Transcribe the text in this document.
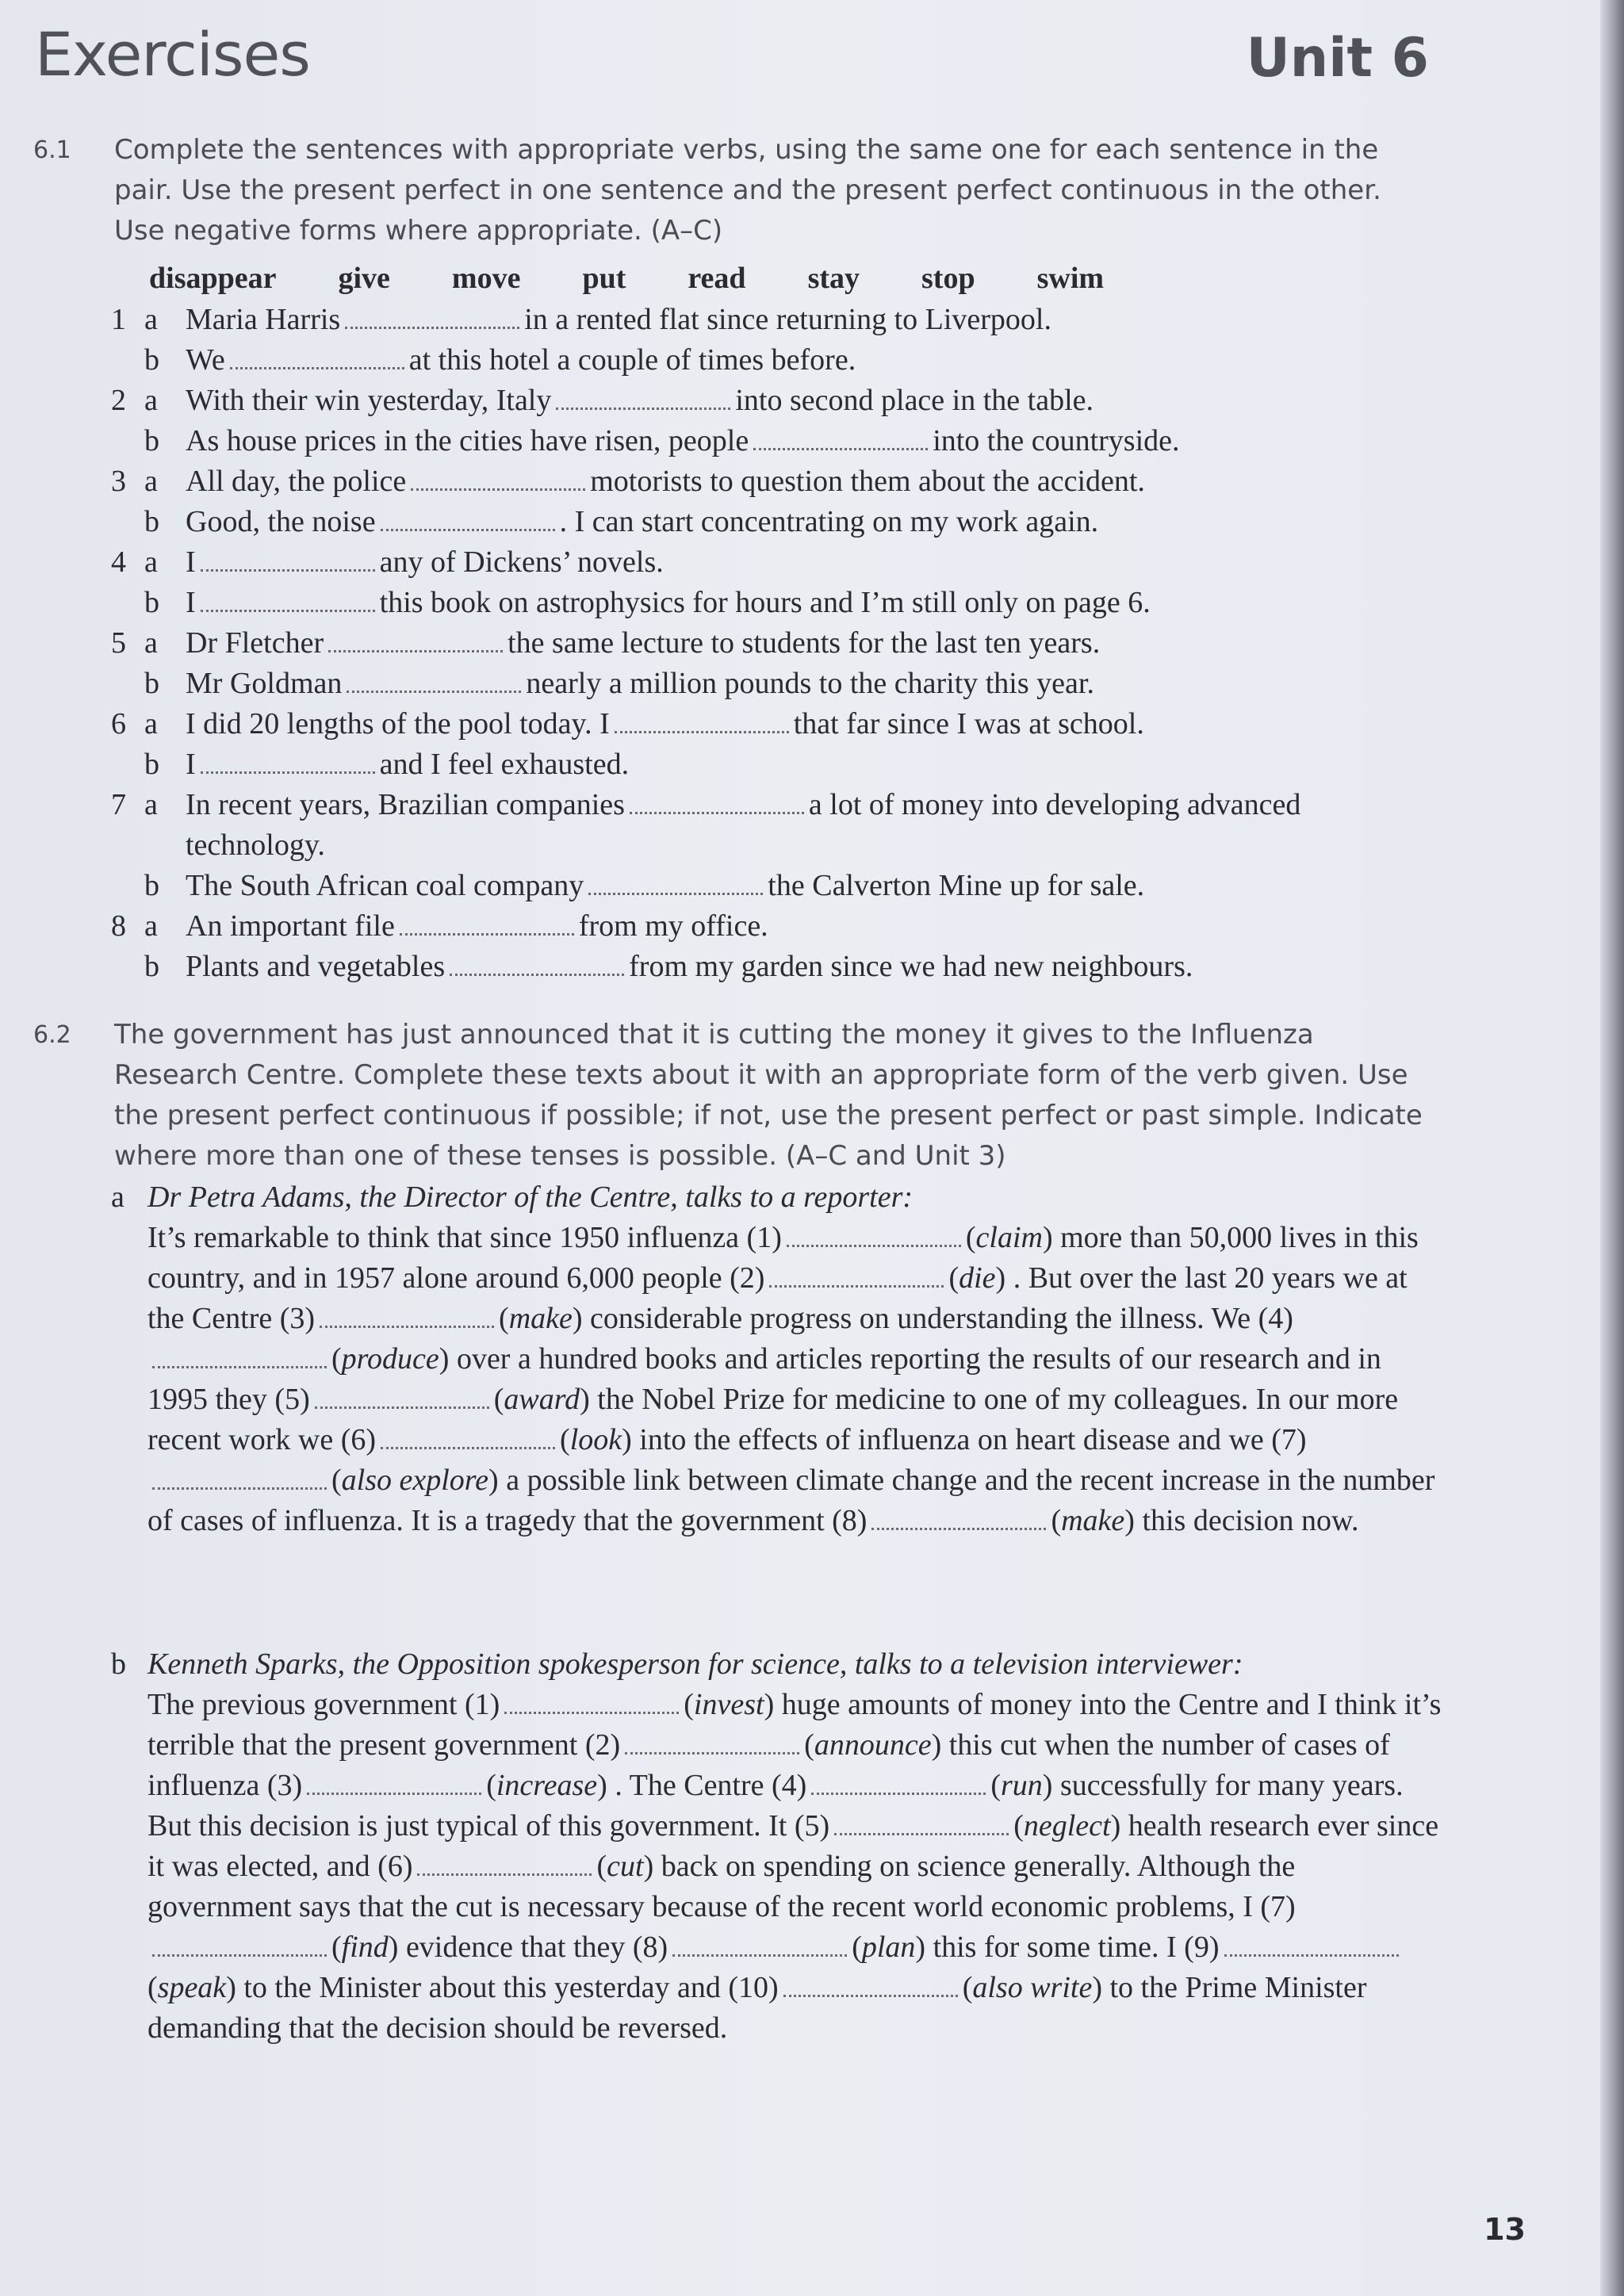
Exercises	Unit 6
6.1 Complete the sentences with appropriate verbs, using the same one for each sentence in the pair. Use the present perfect in one sentence and the present perfect continuous in the other. Use negative forms where appropriate. (A–C)
disappear give move put read stay stop swim
1 a Maria Harris	in a rented flat since returning to Liverpool.
b We	at this hotel a couple of times before.
2 a With their win yesterday, Italy	into second place in the table.
b As house prices in the cities have risen, people	into the countryside.
3 a All day, the police	motorists to question them about the accident.
b Good, the noise	. I can start concentrating on my work again.
4 a I	any of Dickens’ novels.
b I	this book on astrophysics for hours and I’m still only on page 6.
5 a Dr Fletcher	the same lecture to students for the last ten years.
b Mr Goldman	nearly a million pounds to the charity this year.
6 a I did 20 lengths of the pool today. I	that far since I was at school.
b I	and I feel exhausted.
7 a In recent years, Brazilian companies	a lot of money into developing advanced technology.
b The South African coal company	the Calverton Mine up for sale.
8 a An important file	from my office.
b Plants and vegetables	from my garden since we had new neighbours.
6.2 The government has just announced that it is cutting the money it gives to the Influenza Research Centre. Complete these texts about it with an appropriate form of the verb given. Use the present perfect continuous if possible; if not, use the present perfect or past simple. Indicate where more than one of these tenses is possible. (A–C and Unit 3)
a Dr Petra Adams, the Director of the Centre, talks to a reporter:
It’s remarkable to think that since 1950 influenza (1)	(claim) more than 50,000 lives in this country, and in 1957 alone around 6,000 people (2)	(die) . But over the last 20 years we at the Centre (3)	(make) considerable progress on understanding the illness. We (4)(produce) over a hundred books and articles reporting the results of our research and in 1995 they (5)	(award) the Nobel Prize for medicine to one of my colleagues. In our more recent work we (6)	(look) into the effects of influenza on heart disease and we (7)(also explore) a possible link between climate change and the recent increase in the number of cases of influenza. It is a tragedy that the government (8)	(make) this decision now.
b Kenneth Sparks, the Opposition spokesperson for science, talks to a television interviewer:
The previous government (1)	(invest) huge amounts of money into the Centre and I think it’s terrible that the present government (2)	(announce) this cut when the number of cases of influenza (3)	(increase) . The Centre (4)	(run) successfully for many years. But this decision is just typical of this government. It (5)	(neglect) health research ever since it was elected, and (6)	(cut) back on spending on science generally. Although the government says that the cut is necessary because of the recent world economic problems, I (7)(find) evidence that they (8)	(plan) this for some time. I (9)(speak) to the Minister about this yesterday and (10)	(also write) to the Prime Minister demanding that the decision should be reversed.
13
